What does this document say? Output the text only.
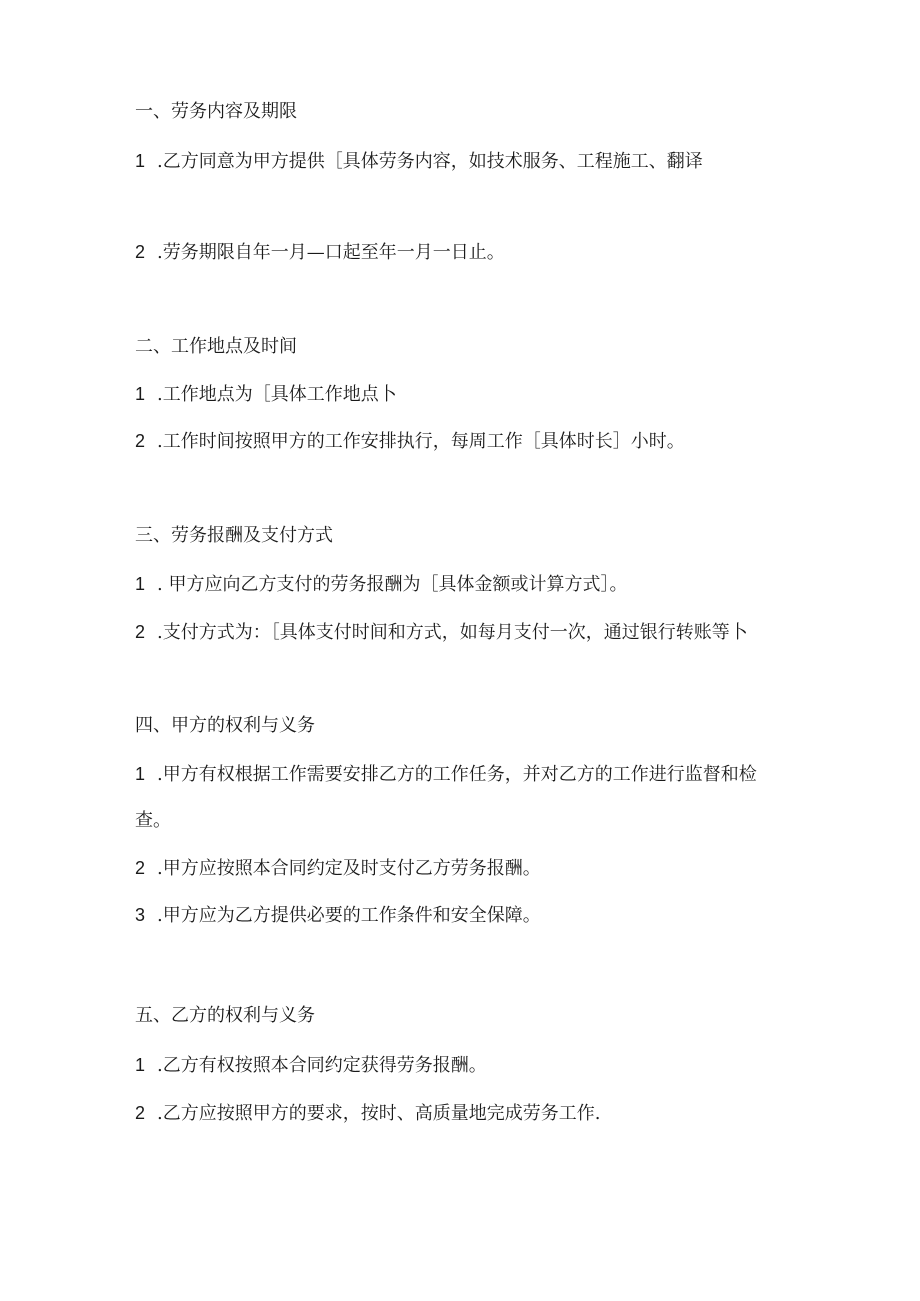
一、劳务内容及期限
1 .乙方同意为甲方提供［具体劳务内容，如技术服务、工程施工、翻译
2 .劳务期限自年一月—口起至年一月一日止。
二、工作地点及时间
1 .工作地点为［具体工作地点卜
2 .工作时间按照甲方的工作安排执行，每周工作［具体时长］小时。
三、劳务报酬及支付方式
1 . 甲方应向乙方支付的劳务报酬为［具体金额或计算方式］。
2 .支付方式为：［具体支付时间和方式，如每月支付一次，通过银行转账等卜
四、甲方的权利与义务
1 .甲方有权根据工作需要安排乙方的工作任务，并对乙方的工作进行监督和检
查。
2 .甲方应按照本合同约定及时支付乙方劳务报酬。
3 .甲方应为乙方提供必要的工作条件和安全保障。
五、乙方的权利与义务
1 .乙方有权按照本合同约定获得劳务报酬。
2 .乙方应按照甲方的要求，按时、高质量地完成劳务工作.
